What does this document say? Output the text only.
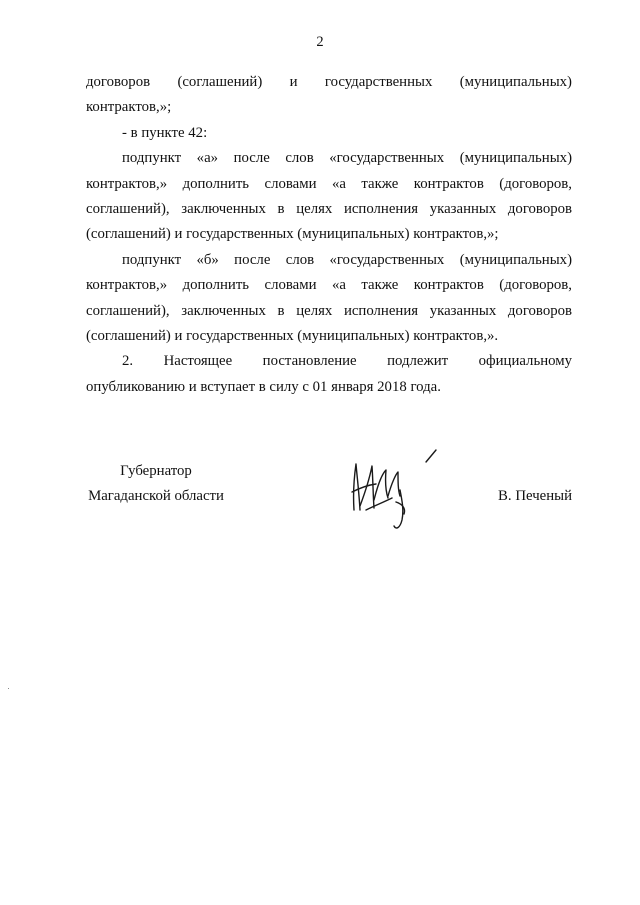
2

договоров (соглашений) и государственных (муниципальных)

контрактов,»;

- в пункте 42:

подпункт «а» после слов «государственных (муниципальных)

контрактов,» дополнить словами «а также контрактов (договоров,

соглашений), заключенных в целях исполнения указанных договоров

(соглашений) и государственных (муниципальных) контрактов,»;

подпункт «б» после слов «государственных (муниципальных)

контрактов,» дополнить словами «а также контрактов (договоров,

соглашений), заключенных в целях исполнения указанных договоров

(соглашений) и государственных (муниципальных) контрактов,».

2. Настоящее постановление подлежит официальному

опубликованию и вступает в силу с 01 января 2018 года.

Губернатор
Магаданской области	В. Печеный
